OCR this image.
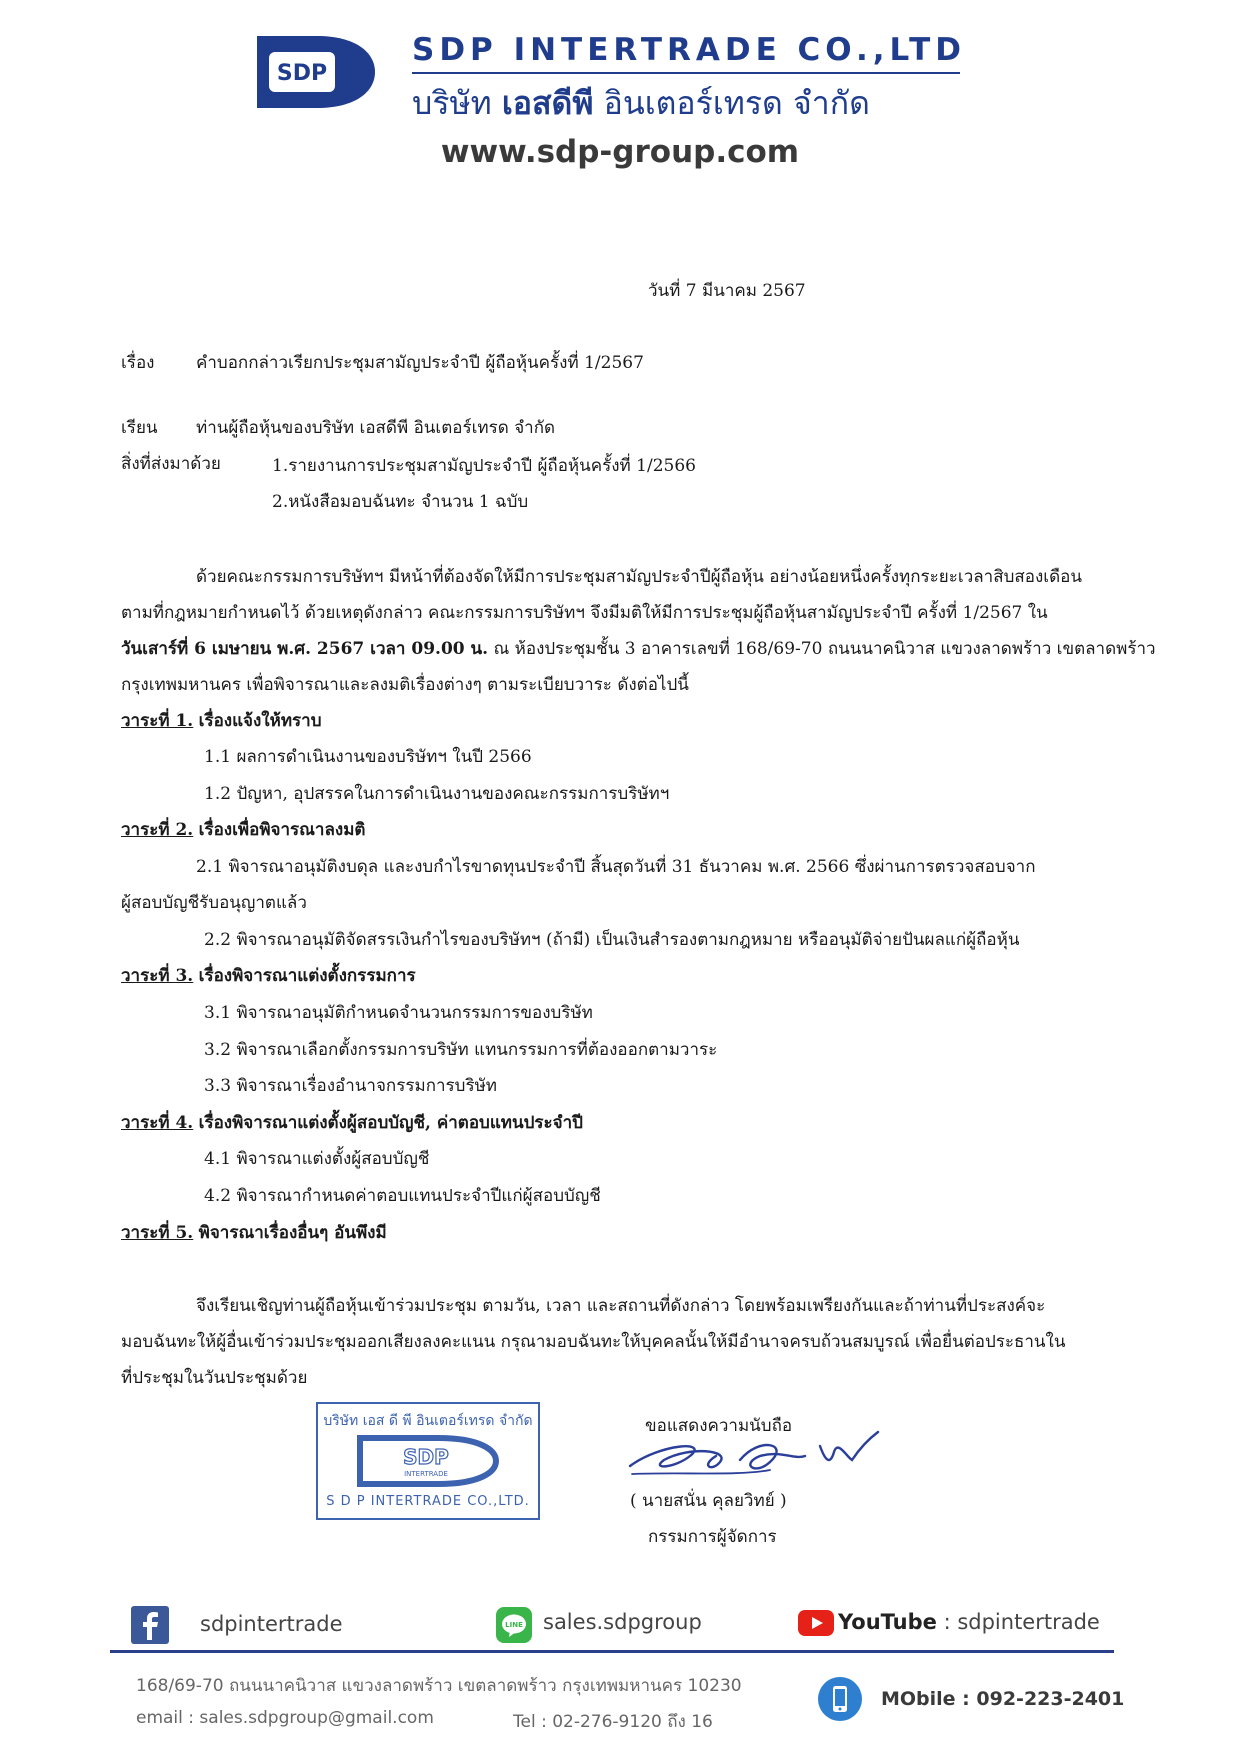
SDP
SDP INTERTRADE CO.,LTD
บริษัท เอสดีพี อินเตอร์เทรด จำกัด
www.sdp-group.com
วันที่ 7 มีนาคม 2567
เรื่อง คำบอกกล่าวเรียกประชุมสามัญประจำปี ผู้ถือหุ้นครั้งที่ 1/2567
เรียน ท่านผู้ถือหุ้นของบริษัท เอสดีพี อินเตอร์เทรด จำกัด
สิ่งที่ส่งมาด้วย	1.รายงานการประชุมสามัญประจำปี ผู้ถือหุ้นครั้งที่ 1/2566
2.หนังสือมอบฉันทะ จำนวน 1 ฉบับ
ด้วยคณะกรรมการบริษัทฯ มีหน้าที่ต้องจัดให้มีการประชุมสามัญประจำปีผู้ถือหุ้น อย่างน้อยหนึ่งครั้งทุกระยะเวลาสิบสองเดือน
ตามที่กฎหมายกำหนดไว้ ด้วยเหตุดังกล่าว คณะกรรมการบริษัทฯ จึงมีมติให้มีการประชุมผู้ถือหุ้นสามัญประจำปี ครั้งที่ 1/2567 ใน
วันเสาร์ที่ 6 เมษายน พ.ศ. 2567 เวลา 09.00 น. ณ ห้องประชุมชั้น 3 อาคารเลขที่ 168/69-70 ถนนนาคนิวาส แขวงลาดพร้าว เขตลาดพร้าว
กรุงเทพมหานคร เพื่อพิจารณาและลงมติเรื่องต่างๆ ตามระเบียบวาระ ดังต่อไปนี้
วาระที่ 1. เรื่องแจ้งให้ทราบ
1.1 ผลการดำเนินงานของบริษัทฯ ในปี 2566
1.2 ปัญหา, อุปสรรคในการดำเนินงานของคณะกรรมการบริษัทฯ
วาระที่ 2. เรื่องเพื่อพิจารณาลงมติ
2.1 พิจารณาอนุมัติงบดุล และงบกำไรขาดทุนประจำปี สิ้นสุดวันที่ 31 ธันวาคม พ.ศ. 2566 ซึ่งผ่านการตรวจสอบจาก
ผู้สอบบัญชีรับอนุญาตแล้ว
2.2 พิจารณาอนุมัติจัดสรรเงินกำไรของบริษัทฯ (ถ้ามี) เป็นเงินสำรองตามกฎหมาย หรืออนุมัติจ่ายปันผลแก่ผู้ถือหุ้น
วาระที่ 3. เรื่องพิจารณาแต่งตั้งกรรมการ
3.1 พิจารณาอนุมัติกำหนดจำนวนกรรมการของบริษัท
3.2 พิจารณาเลือกตั้งกรรมการบริษัท แทนกรรมการที่ต้องออกตามวาระ
3.3 พิจารณาเรื่องอำนาจกรรมการบริษัท
วาระที่ 4. เรื่องพิจารณาแต่งตั้งผู้สอบบัญชี, ค่าตอบแทนประจำปี
4.1 พิจารณาแต่งตั้งผู้สอบบัญชี
4.2 พิจารณากำหนดค่าตอบแทนประจำปีแก่ผู้สอบบัญชี
วาระที่ 5. พิจารณาเรื่องอื่นๆ อันพึงมี
จึงเรียนเชิญท่านผู้ถือหุ้นเข้าร่วมประชุม ตามวัน, เวลา และสถานที่ดังกล่าว โดยพร้อมเพรียงกันและถ้าท่านที่ประสงค์จะ
มอบฉันทะให้ผู้อื่นเข้าร่วมประชุมออกเสียงลงคะแนน กรุณามอบฉันทะให้บุคคลนั้นให้มีอำนาจครบถ้วนสมบูรณ์ เพื่อยื่นต่อประธานใน
ที่ประชุมในวันประชุมด้วย
บริษัท เอส ดี พี อินเตอร์เทรด จำกัด
SDP
INTERTRADE
S D P INTERTRADE CO.,LTD.
ขอแสดงความนับถือ
( นายสนั่น คุลยวิทย์ )
กรรมการผู้จัดการ
sdpintertrade	LINE sales.sdpgroup	YouTube : sdpintertrade
168/69-70 ถนนนาคนิวาส แขวงลาดพร้าว เขตลาดพร้าว กรุงเทพมหานคร 10230
email : sales.sdpgroup@gmail.com	Tel : 02-276-9120 ถึง 16
MObile : 092-223-2401
